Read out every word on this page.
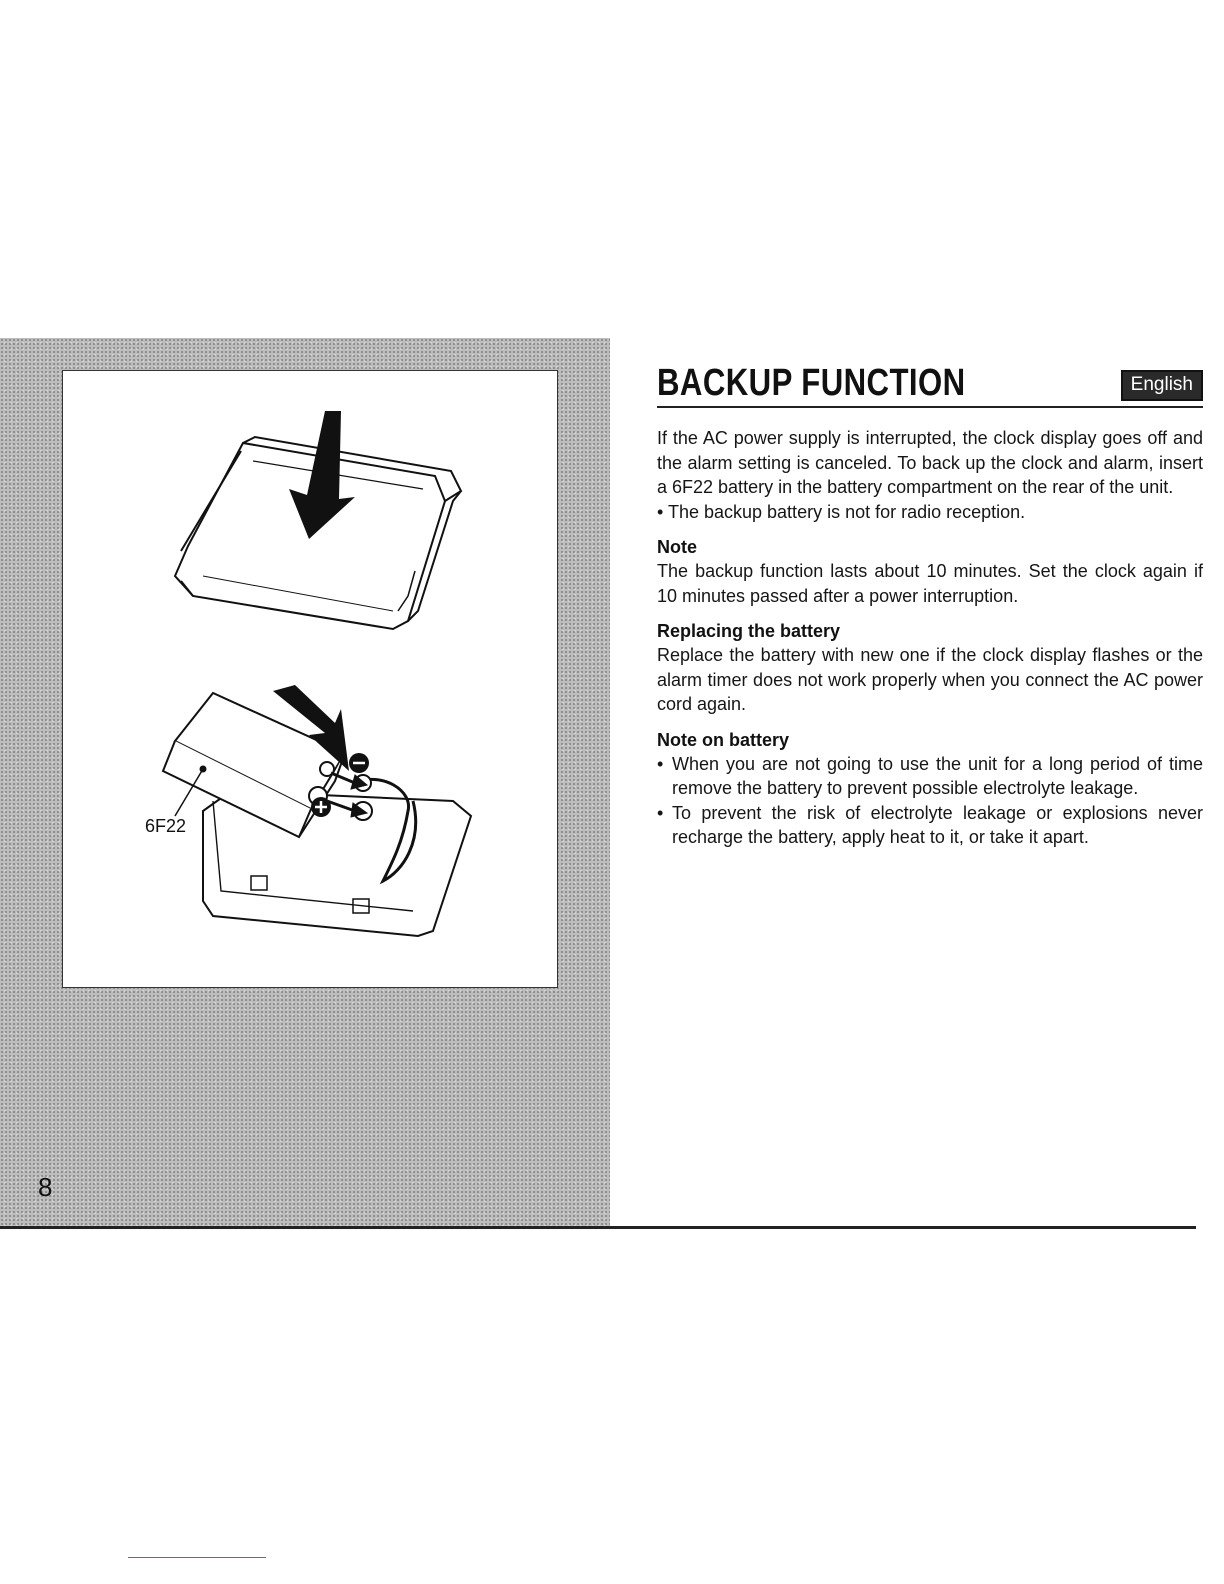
6F22
8
BACKUP FUNCTION	English

If the AC power supply is interrupted, the clock display goes off and the alarm setting is canceled. To back up the clock and alarm, insert a 6F22 battery in the battery compartment on the rear of the unit.

• The backup battery is not for radio reception.

Note

The backup function lasts about 10 minutes. Set the clock again if 10 minutes passed after a power interruption.

Replacing the battery

Replace the battery with new one if the clock display flashes or the alarm timer does not work properly when you connect the AC power cord again.

Note on battery
• When you are not going to use the unit for a long period of time remove the battery to prevent possible electrolyte leakage.
• To prevent the risk of electrolyte leakage or explosions never recharge the battery, apply heat to it, or take it apart.
